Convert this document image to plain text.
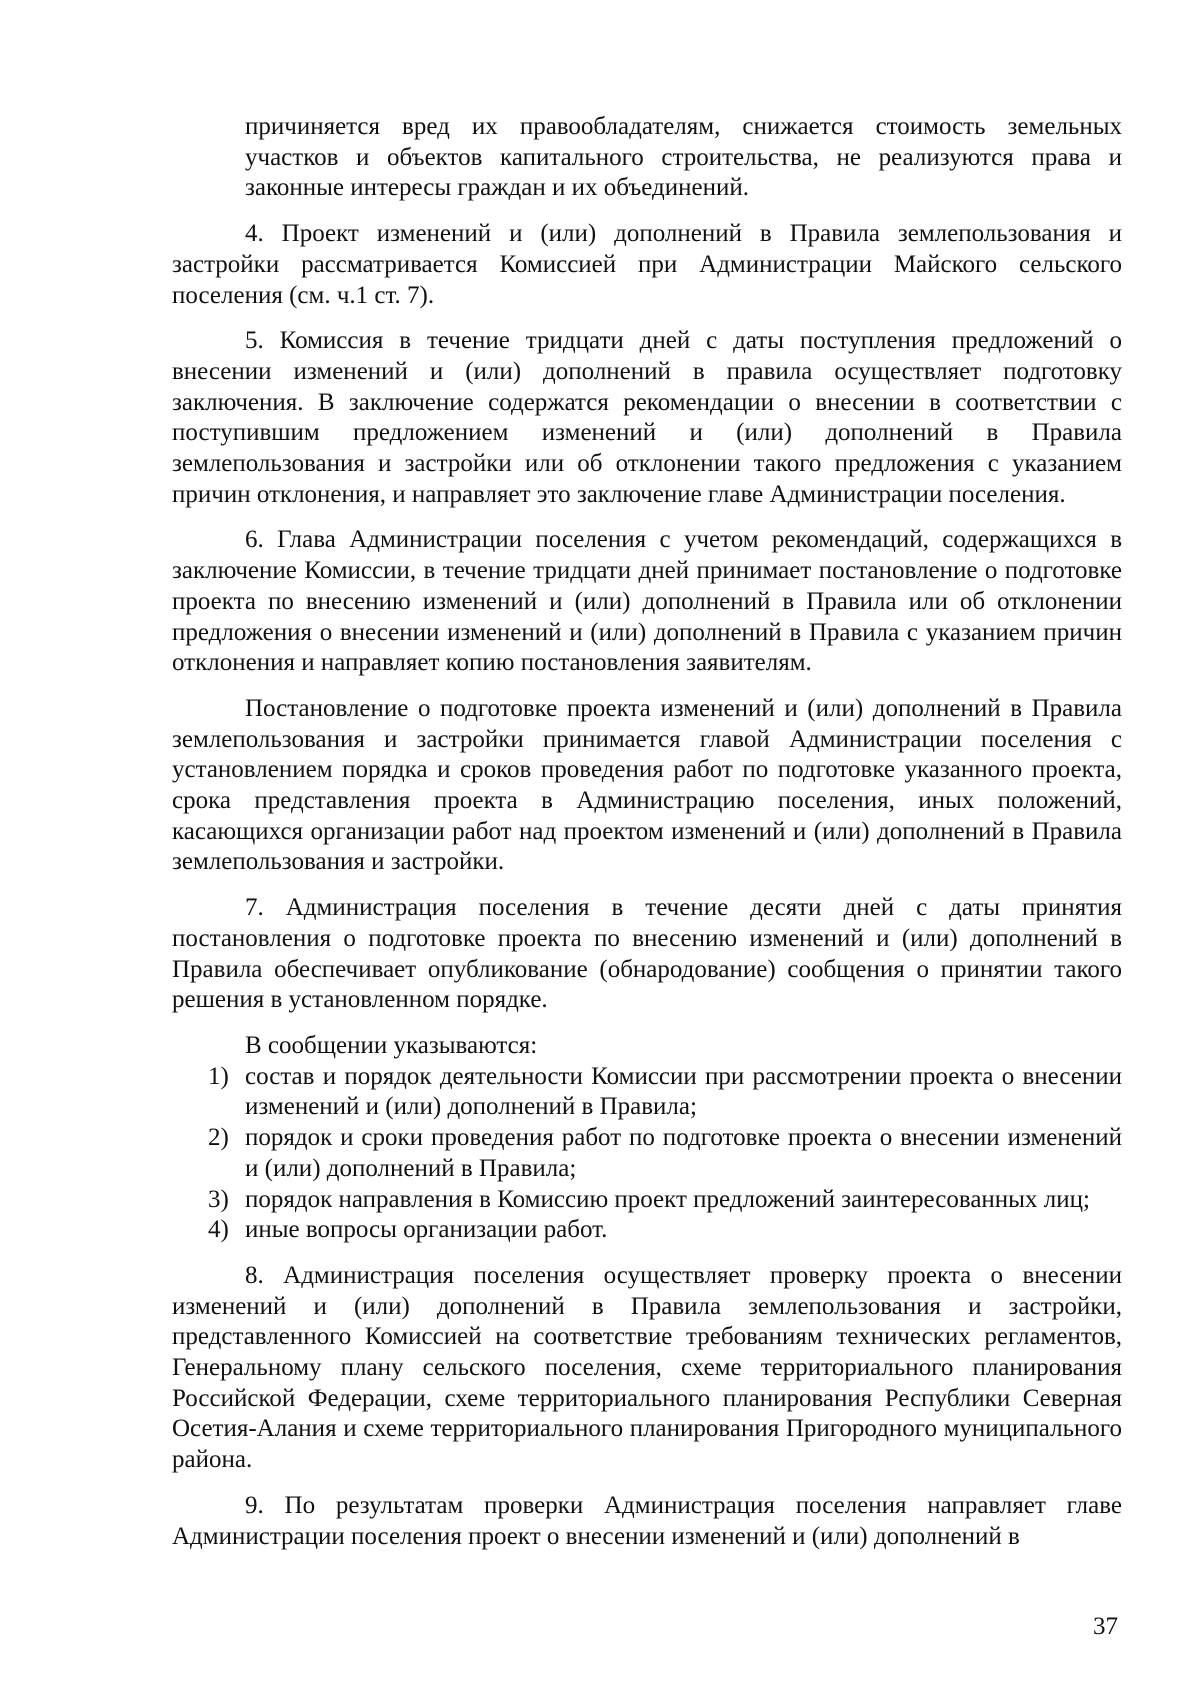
причиняется вред их правообладателям, снижается стоимость земельных участков и объектов капитального строительства, не реализуются права и законные интересы граждан и их объединений.

4. Проект изменений и (или) дополнений в Правила землепользования и застройки рассматривается Комиссией при Администрации Майского сельского поселения (см. ч.1 ст. 7).

5. Комиссия в течение тридцати дней с даты поступления предложений о внесении изменений и (или) дополнений в правила осуществляет подготовку заключения. В заключение содержатся рекомендации о внесении в соответствии с поступившим предложением изменений и (или) дополнений в Правила землепользования и застройки или об отклонении такого предложения с указанием причин отклонения, и направляет это заключение главе Администрации поселения.

6. Глава Администрации поселения с учетом рекомендаций, содержащихся в заключение Комиссии, в течение тридцати дней принимает постановление о подготовке проекта по внесению изменений и (или) дополнений в Правила или об отклонении предложения о внесении изменений и (или) дополнений в Правила с указанием причин отклонения и направляет копию постановления заявителям.

Постановление о подготовке проекта изменений и (или) дополнений в Правила землепользования и застройки принимается главой Администрации поселения с установлением порядка и сроков проведения работ по подготовке указанного проекта, срока представления проекта в Администрацию поселения, иных положений, касающихся организации работ над проектом изменений и (или) дополнений в Правила землепользования и застройки.

7. Администрация поселения в течение десяти дней с даты принятия постановления о подготовке проекта по внесению изменений и (или) дополнений в Правила обеспечивает опубликование (обнародование) сообщения о принятии такого решения в установленном порядке.

В сообщении указываются:

1) состав и порядок деятельности Комиссии при рассмотрении проекта о внесении изменений и (или) дополнений в Правила;
2) порядок и сроки проведения работ по подготовке проекта о внесении изменений и (или) дополнений в Правила;
3) порядок направления в Комиссию проект предложений заинтересованных лиц;
4) иные вопросы организации работ.

8. Администрация поселения осуществляет проверку проекта о внесении изменений и (или) дополнений в Правила землепользования и застройки, представленного Комиссией на соответствие требованиям технических регламентов, Генеральному плану сельского поселения, схеме территориального планирования Российской Федерации, схеме территориального планирования Республики Северная Осетия-Алания и схеме территориального планирования Пригородного муниципального района.

9. По результатам проверки Администрация поселения направляет главе Администрации поселения проект о внесении изменений и (или) дополнений в

37
